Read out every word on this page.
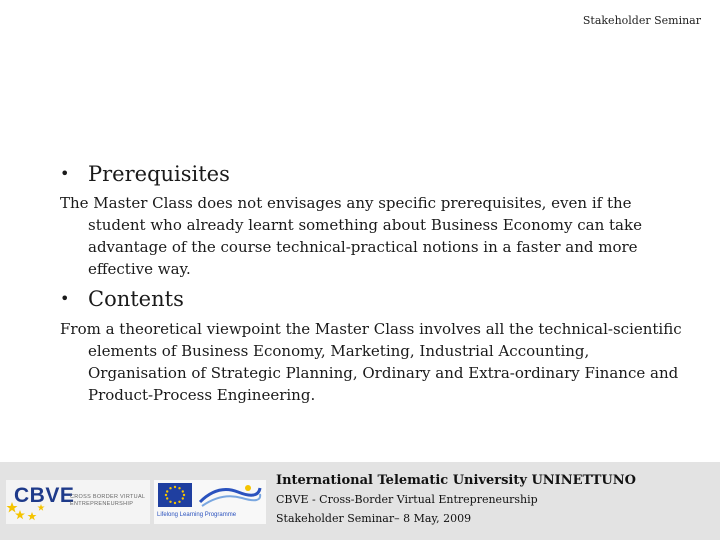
Stakeholder Seminar
• Prerequisites
The Master Class does not envisages any specific prerequisites, even if the student who already learnt something about Business Economy can take advantage of the course technical-practical notions in a faster and more effective way.
• Contents
From a theoretical viewpoint the Master Class involves all the technical-scientific elements of Business Economy, Marketing, Industrial Accounting, Organisation of Strategic Planning, Ordinary and Extra-ordinary Finance and Product-Process Engineering.
CBVE
CROSS BORDER VIRTUAL ENTREPRENEURSHIP
Lifelong Learning Programme
International Telematic University UNINETTUNO
CBVE - Cross-Border Virtual Entrepreneurship
Stakeholder Seminar– 8 May, 2009
